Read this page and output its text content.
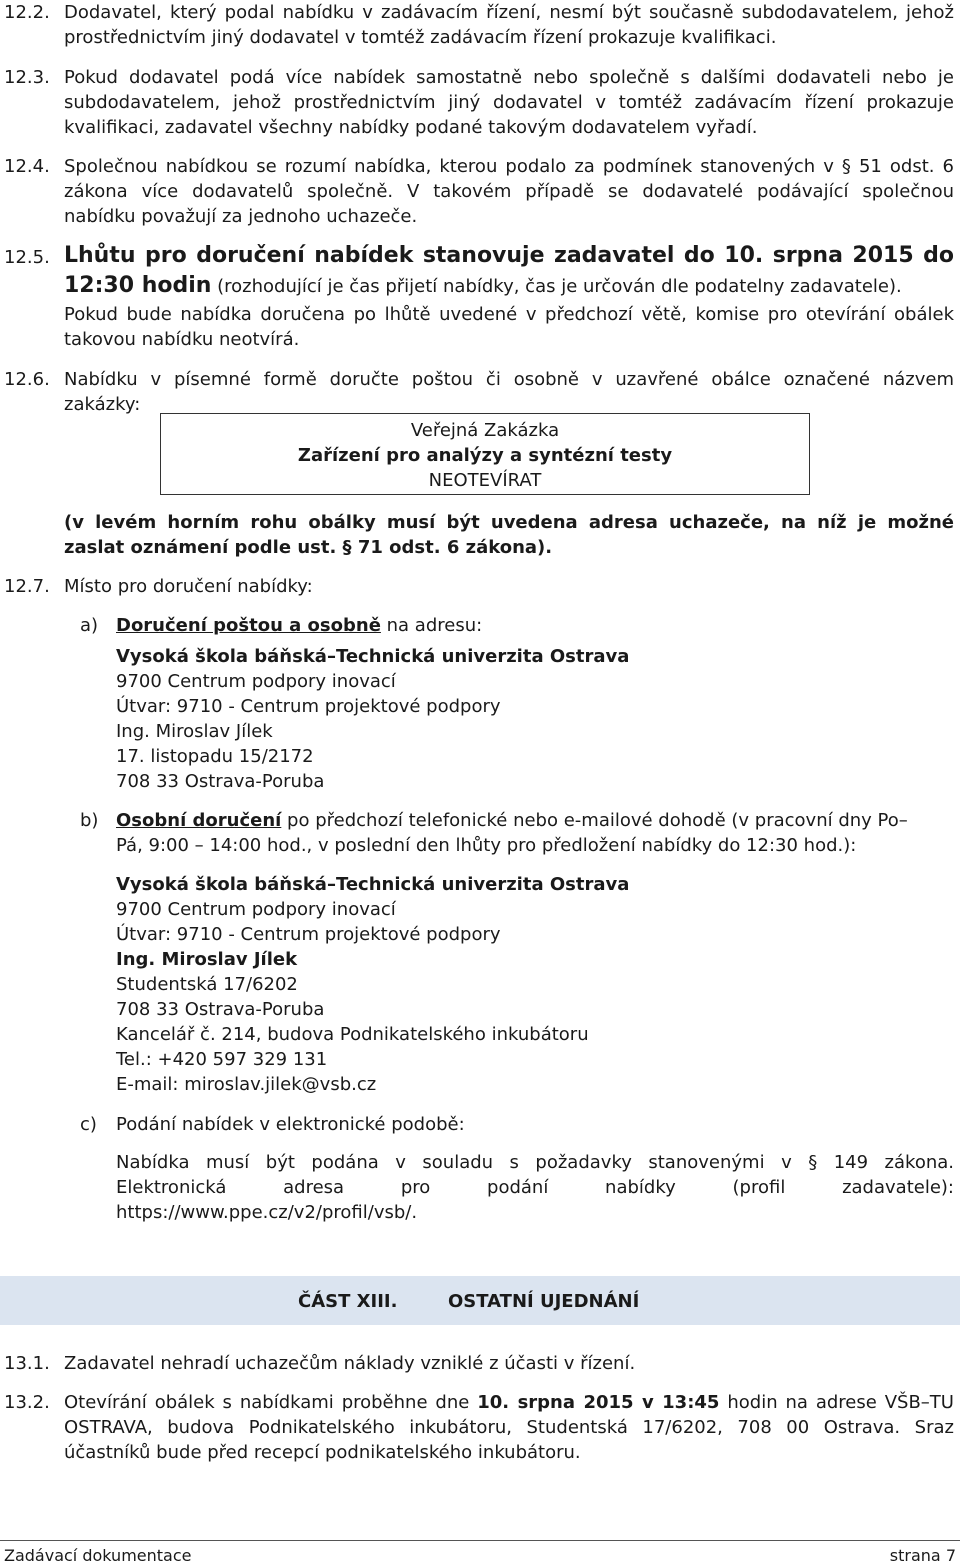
12.2. Dodavatel, který podal nabídku v zadávacím řízení, nesmí být současně subdodavatelem, jehož
prostřednictvím jiný dodavatel v tomtéž zadávacím řízení prokazuje kvalifikaci.
12.3. Pokud dodavatel podá více nabídek samostatně nebo společně s dalšími dodavateli nebo je
subdodavatelem, jehož prostřednictvím jiný dodavatel v tomtéž zadávacím řízení prokazuje
kvalifikaci, zadavatel všechny nabídky podané takovým dodavatelem vyřadí.
12.4. Společnou nabídkou se rozumí nabídka, kterou podalo za podmínek stanovených v § 51 odst. 6
zákona více dodavatelů společně. V takovém případě se dodavatelé podávající společnou
nabídku považují za jednoho uchazeče.
12.5. Lhůtu pro doručení nabídek stanovuje zadavatel do 10. srpna 2015 do
12:30 hodin (rozhodující je čas přijetí nabídky, čas je určován dle podatelny zadavatele).
Pokud bude nabídka doručena po lhůtě uvedené v předchozí větě, komise pro otevírání obálek
takovou nabídku neotvírá.
12.6. Nabídku v písemné formě doručte poštou či osobně v uzavřené obálce označené názvem
zakázky:
Veřejná Zakázka
Zařízení pro analýzy a syntézní testy
NEOTEVÍRAT
(v levém horním rohu obálky musí být uvedena adresa uchazeče, na níž je možné
zaslat oznámení podle ust. § 71 odst. 6 zákona).
12.7. Místo pro doručení nabídky:
a) Doručení poštou a osobně na adresu:
Vysoká škola báňská–Technická univerzita Ostrava
9700 Centrum podpory inovací
Útvar: 9710 - Centrum projektové podpory
Ing. Miroslav Jílek
17. listopadu 15/2172
708 33 Ostrava-Poruba
b) Osobní doručení po předchozí telefonické nebo e-mailové dohodě (v pracovní dny Po–
Pá, 9:00 – 14:00 hod., v poslední den lhůty pro předložení nabídky do 12:30 hod.):
Vysoká škola báňská–Technická univerzita Ostrava
9700 Centrum podpory inovací
Útvar: 9710 - Centrum projektové podpory
Ing. Miroslav Jílek
Studentská 17/6202
708 33 Ostrava-Poruba
Kancelář č. 214, budova Podnikatelského inkubátoru
Tel.: +420 597 329 131
E-mail: miroslav.jilek@vsb.cz
c) Podání nabídek v elektronické podobě:
Nabídka musí být podána v souladu s požadavky stanovenými v § 149 zákona.
Elektronická adresa pro podání nabídky (profil zadavatele):
https://www.ppe.cz/v2/profil/vsb/.
ČÁST XIII.	OSTATNÍ UJEDNÁNÍ
13.1. Zadavatel nehradí uchazečům náklady vzniklé z účasti v řízení.
13.2. Otevírání obálek s nabídkami proběhne dne 10. srpna 2015 v 13:45 hodin na adrese VŠB–TU
OSTRAVA, budova Podnikatelského inkubátoru, Studentská 17/6202, 708 00 Ostrava. Sraz
účastníků bude před recepcí podnikatelského inkubátoru.
Zadávací dokumentace	strana 7
